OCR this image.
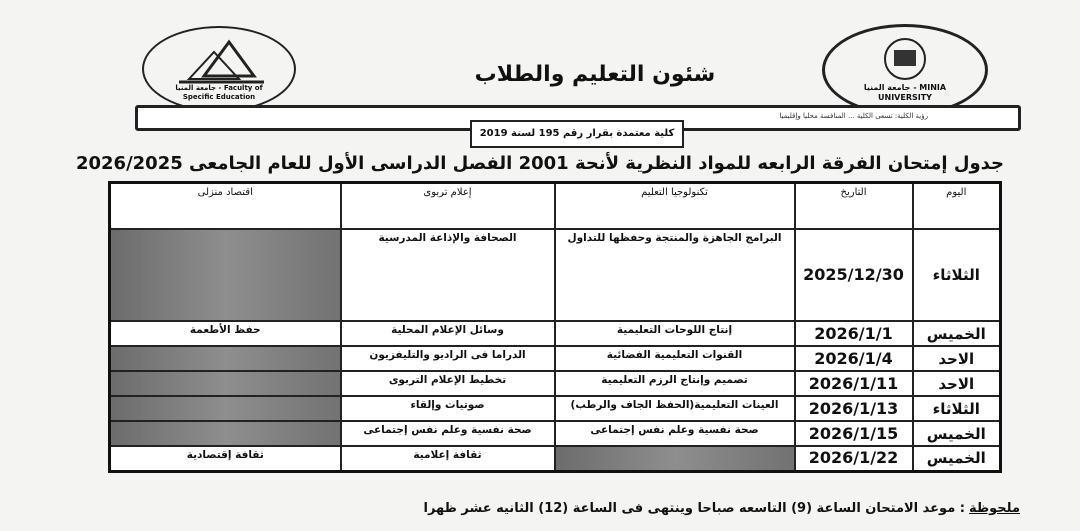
جامعة المنيا - Faculty of Specific Education
جامعة المنيا - MINIA UNIVERSITY
شئون التعليم والطلاب
رؤية الكلية: تسعى الكلية ... المنافسة محليا وإقليميا
كلية معتمدة بقرار رقم 195 لسنة 2019
جدول إمتحان الفرقة الرابعه للمواد النظرية لأنحة 2001 الفصل الدراسى الأول للعام الجامعى 2026/2025
اليوم	التاريخ	تكنولوجيا التعليم	إعلام تربوى	اقتصاد منزلى
الثلاثاء	2025/12/30	البرامج الجاهزة والمنتجة وحفظها للتداول	الصحافة والإذاعة المدرسية	
الخميس	2026/1/1	إنتاج اللوحات التعليمية	وسائل الإعلام المحلية	حفظ الأطعمة
الاحد	2026/1/4	القنوات التعليمية الفضائية	الدراما فى الراديو والتليفزيون	
الاحد	2026/1/11	تصميم وإنتاج الرزم التعليمية	تخطيط الإعلام التربوى	
الثلاثاء	2026/1/13	العينات التعليمية(الحفظ الجاف والرطب)	صوتيات وإلقاء	
الخميس	2026/1/15	صحة نفسية وعلم نفس إجتماعى	صحة نفسية وعلم نفس إجتماعى	
الخميس	2026/1/22		ثقافة إعلامية	ثقافة إقتصادية
ملحوظة: موعد الامتحان الساعة (9) التاسعه صباحا وينتهى فى الساعة (12) الثانيه عشر ظهرا
